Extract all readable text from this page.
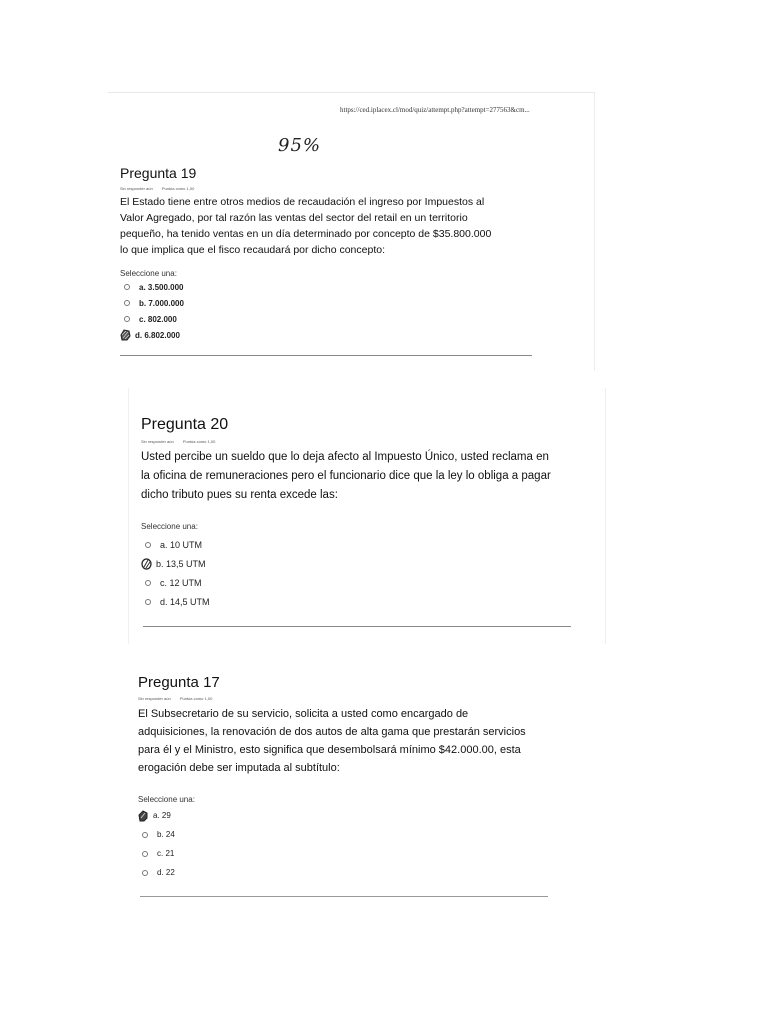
https://ced.iplacex.cl/mod/quiz/attempt.php?attempt=277563&cm...
95%
Pregunta 19
Sin responder aún Puntúa como 1,00
El Estado tiene entre otros medios de recaudación el ingreso por Impuestos al
Valor Agregado, por tal razón las ventas del sector del retail en un territorio
pequeño, ha tenido ventas en un día determinado por concepto de $35.800.000
lo que implica que el fisco recaudará por dicho concepto:
Seleccione una:
a. 3.500.000
b. 7.000.000
c. 802.000
d. 6.802.000
Pregunta 20
Sin responder aún Puntúa como 1,00
Usted percibe un sueldo que lo deja afecto al Impuesto Único, usted reclama en
la oficina de remuneraciones pero el funcionario dice que la ley lo obliga a pagar
dicho tributo pues su renta excede las:
Seleccione una:
a. 10 UTM
b. 13,5 UTM
c. 12 UTM
d. 14,5 UTM
Pregunta 17
Sin responder aún Puntúa como 1,00
El Subsecretario de su servicio, solicita a usted como encargado de
adquisiciones, la renovación de dos autos de alta gama que prestarán servicios
para él y el Ministro, esto significa que desembolsará mínimo $42.000.00, esta
erogación debe ser imputada al subtítulo:
Seleccione una:
a. 29
b. 24
c. 21
d. 22
